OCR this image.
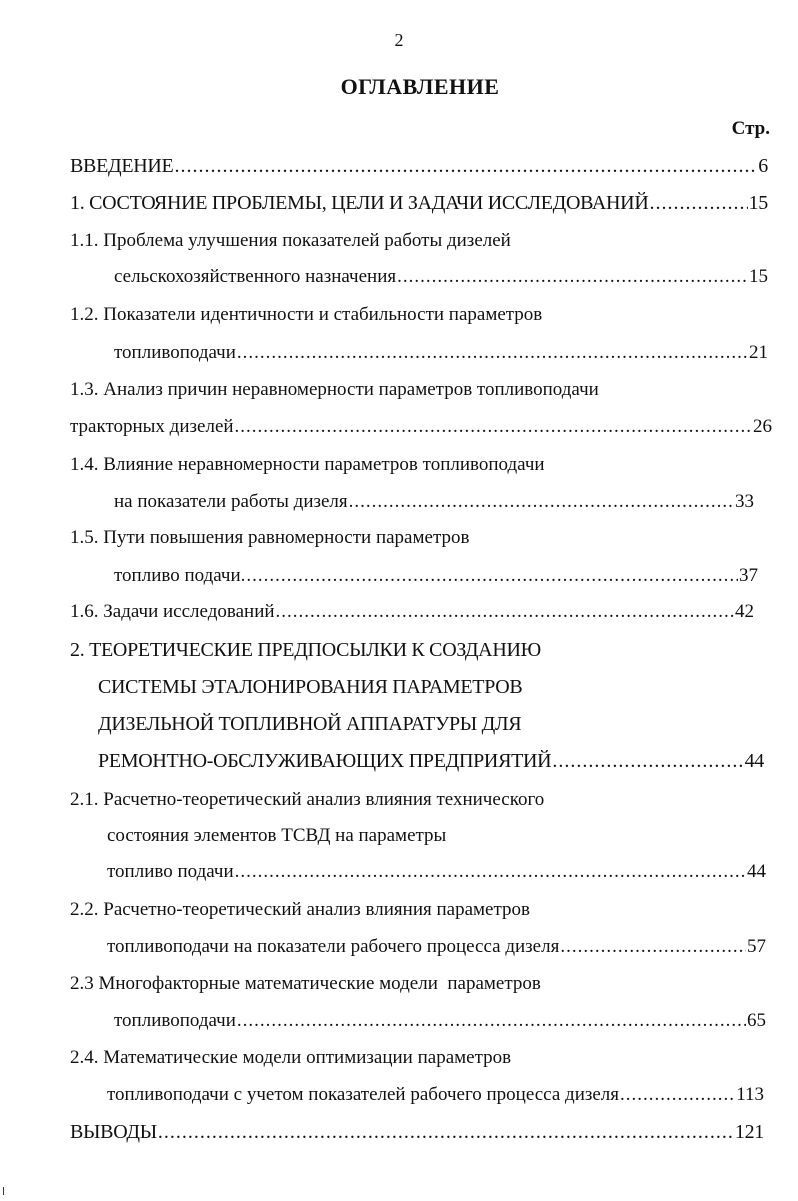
2
ОГЛАВЛЕНИЕ
Стр.
ВВЕДЕНИЕ .....	6
1. СОСТОЯНИЕ ПРОБЛЕМЫ, ЦЕЛИ И ЗАДАЧИ ИССЛЕДОВАНИЙ .....	15
1.1. Проблема улучшения показателей работы дизелей
сельскохозяйственного назначения .....	15
1.2. Показатели идентичности и стабильности параметров
топливоподачи .....	21
1.3. Анализ причин неравномерности параметров топливоподачи
тракторных дизелей .....	26
1.4. Влияние неравномерности параметров топливоподачи
на показатели работы дизеля .....	33
1.5. Пути повышения равномерности параметров
топливо подачи. .....	37
1.6. Задачи исследований .....	42
2. ТЕОРЕТИЧЕСКИЕ ПРЕДПОСЫЛКИ К СОЗДАНИЮ
СИСТЕМЫ ЭТАЛОНИРОВАНИЯ ПАРАМЕТРОВ
ДИЗЕЛЬНОЙ ТОПЛИВНОЙ АППАРАТУРЫ ДЛЯ
РЕМОНТНО-ОБСЛУЖИВАЮЩИХ ПРЕДПРИЯТИЙ .....	44
2.1. Расчетно-теоретический анализ влияния технического
состояния элементов ТСВД на параметры
топливо подачи .....	44
2.2. Расчетно-теоретический анализ влияния параметров
топливоподачи на показатели рабочего процесса дизеля .....	57
2.3 Многофакторные математические модели  параметров
топливоподачи .....	65
2.4. Математические модели оптимизации параметров
топливоподачи с учетом показателей рабочего процесса дизеля .....	113
ВЫВОДЫ .....	121
